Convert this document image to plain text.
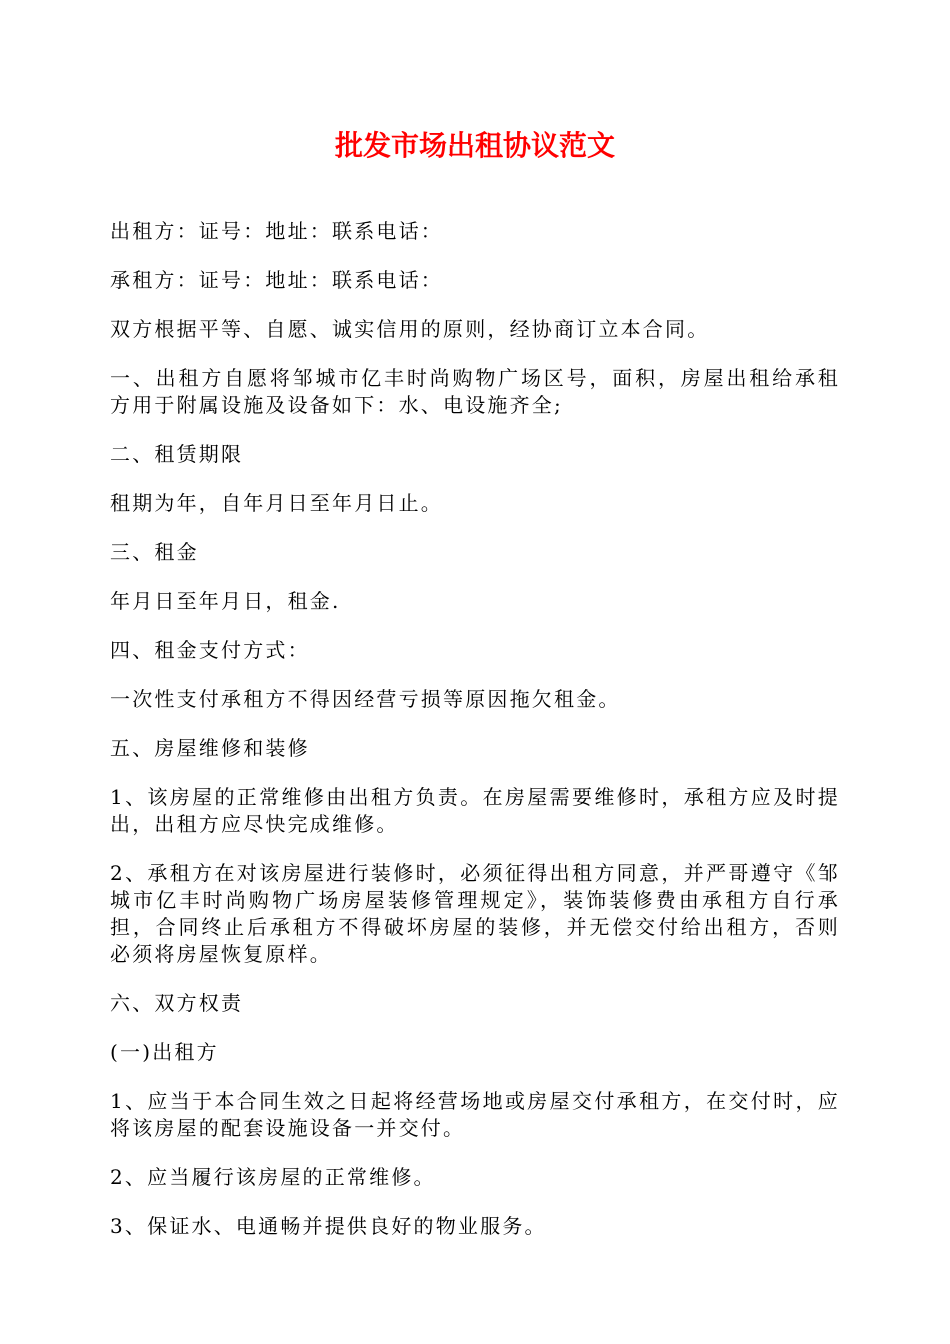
批发市场出租协议范文

出租方：证号：地址：联系电话：

承租方：证号：地址：联系电话：

双方根据平等、自愿、诚实信用的原则，经协商订立本合同。

一、出租方自愿将邹城市亿丰时尚购物广场区号，面积，房屋出租给承租方用于附属设施及设备如下：水、电设施齐全;

二、租赁期限

租期为年，自年月日至年月日止。

三、租金

年月日至年月日，租金.

四、租金支付方式：

一次性支付承租方不得因经营亏损等原因拖欠租金。

五、房屋维修和装修

1、该房屋的正常维修由出租方负责。在房屋需要维修时，承租方应及时提出，出租方应尽快完成维修。

2、承租方在对该房屋进行装修时，必须征得出租方同意，并严哥遵守《邹城市亿丰时尚购物广场房屋装修管理规定》，装饰装修费由承租方自行承担，合同终止后承租方不得破坏房屋的装修，并无偿交付给出租方，否则必须将房屋恢复原样。

六、双方权责

(一)出租方

1、应当于本合同生效之日起将经营场地或房屋交付承租方，在交付时，应将该房屋的配套设施设备一并交付。

2、应当履行该房屋的正常维修。

3、保证水、电通畅并提供良好的物业服务。
